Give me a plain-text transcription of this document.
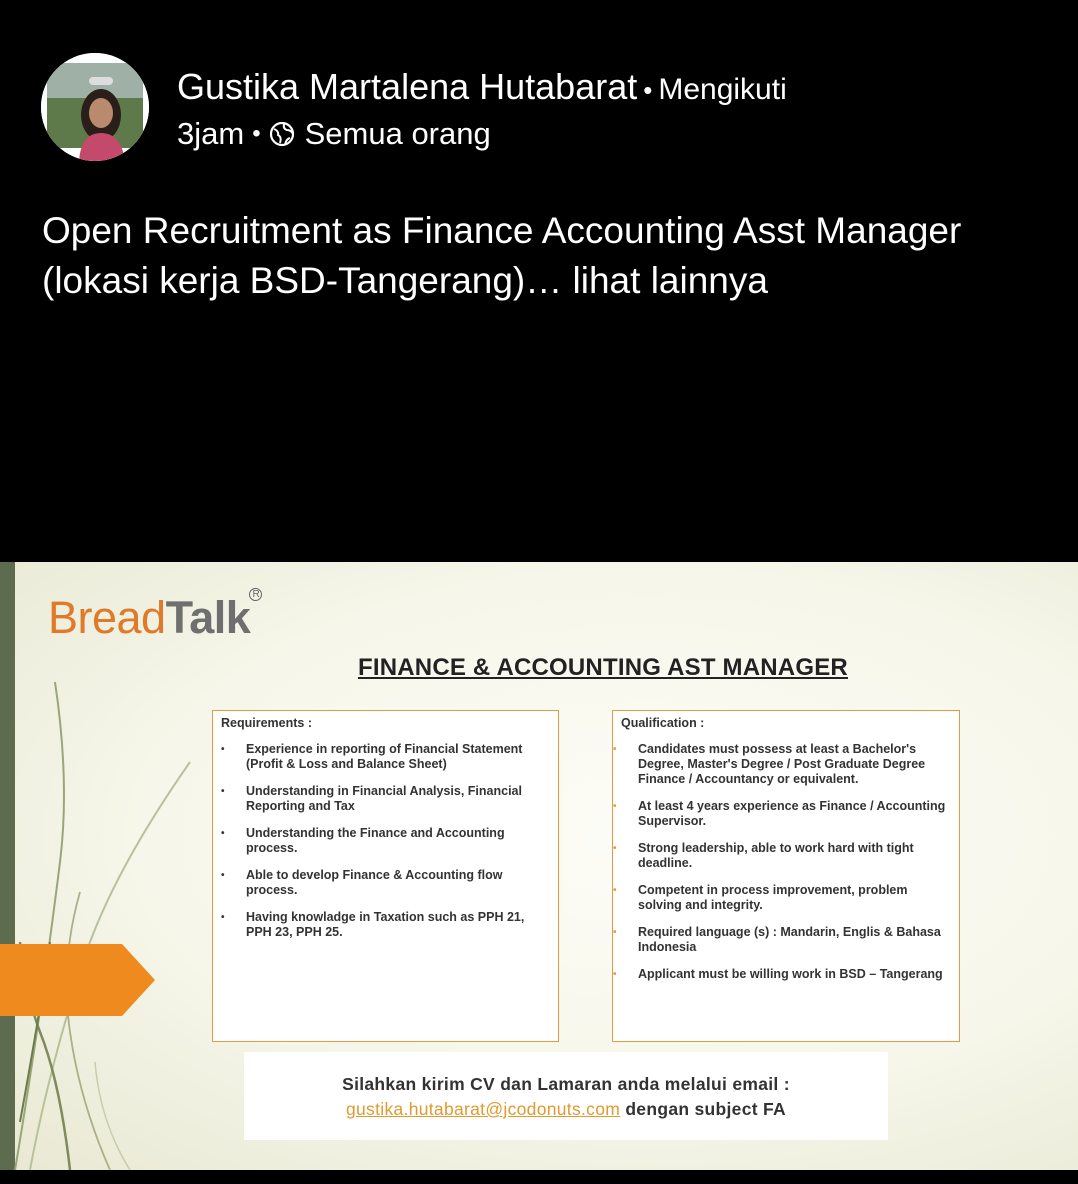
Gustika Martalena Hutabarat • Mengikuti
3jam • Semua orang
Open Recruitment as Finance Accounting Asst Manager (lokasi kerja BSD-Tangerang)… lihat lainnya
BreadTalk R
FINANCE & ACCOUNTING AST MANAGER
Requirements :
• Experience in reporting of Financial Statement (Profit & Loss and Balance Sheet)
• Understanding in Financial Analysis, Financial Reporting and Tax
• Understanding the Finance and Accounting process.
• Able to develop Finance & Accounting flow process.
• Having knowladge in Taxation such as PPH 21, PPH 23, PPH 25.
Qualification :
• Candidates must possess at least a Bachelor's Degree, Master's Degree / Post Graduate Degree Finance / Accountancy or equivalent.
• At least 4 years experience as Finance / Accounting Supervisor.
• Strong leadership, able to work hard with tight deadline.
• Competent in process improvement, problem solving and integrity.
• Required language (s) : Mandarin, Englis & Bahasa Indonesia
• Applicant must be willing work in BSD – Tangerang
Silahkan kirim CV dan Lamaran anda melalui email :
gustika.hutabarat@jcodonuts.com dengan subject FA
